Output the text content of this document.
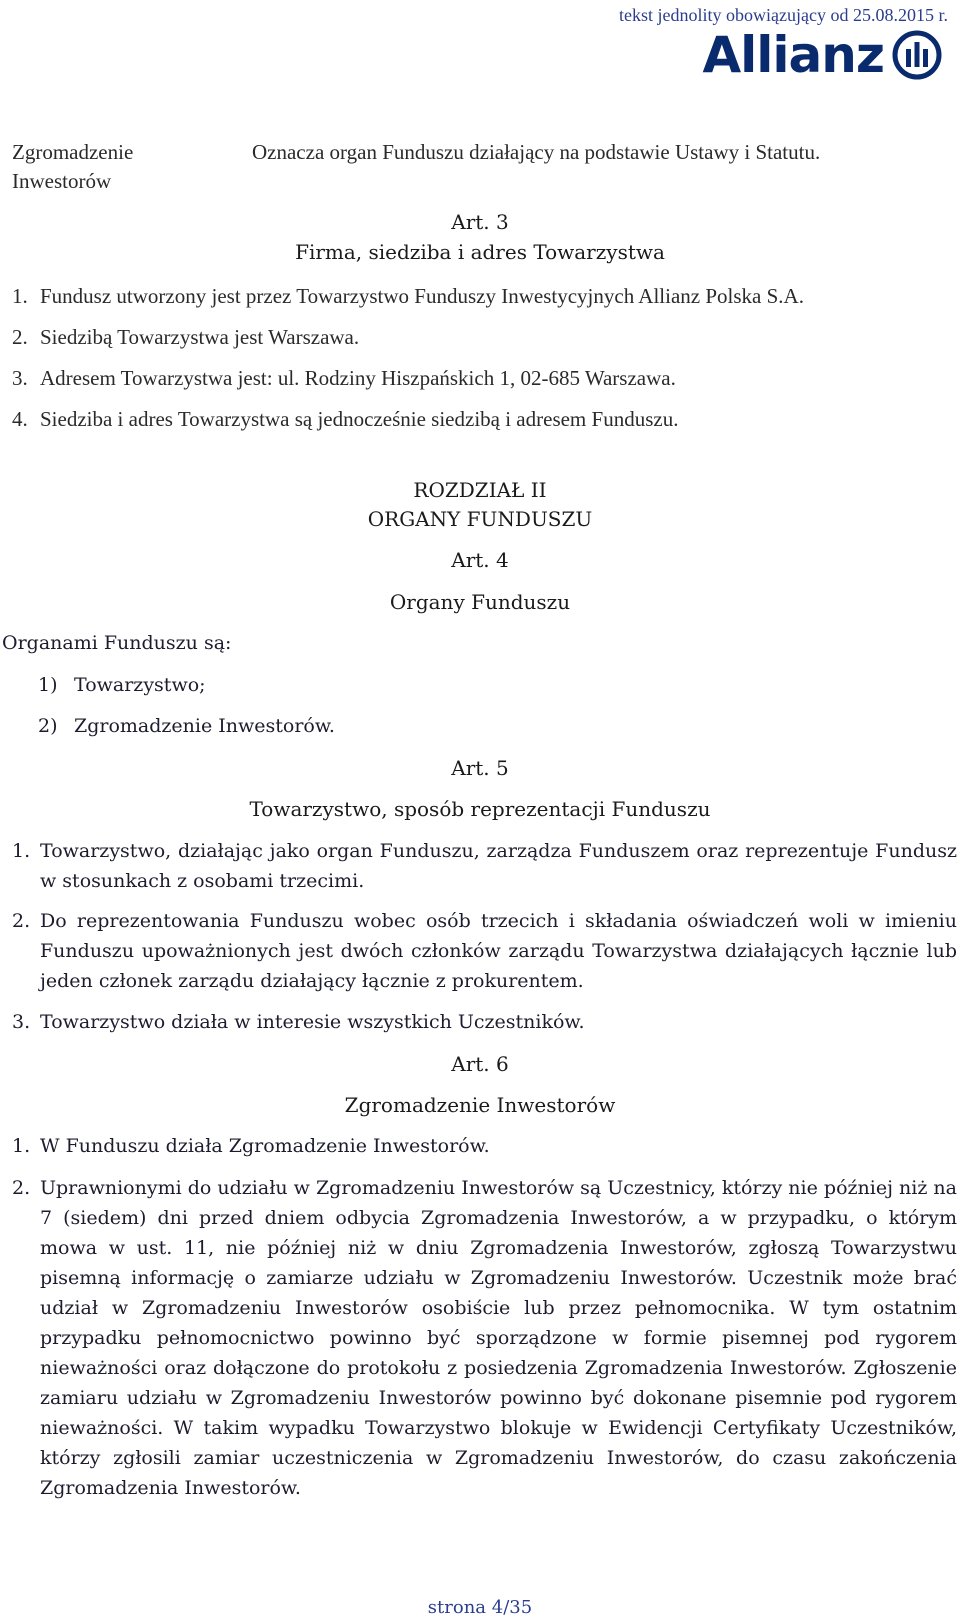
tekst jednolity obowiązujący od 25.08.2015 r.
Allianz
Zgromadzenie Inwestorów
Oznacza organ Funduszu działający na podstawie Ustawy i Statutu.
Art. 3
Firma, siedziba i adres Towarzystwa
1. Fundusz utworzony jest przez Towarzystwo Funduszy Inwestycyjnych Allianz Polska S.A.
2. Siedzibą Towarzystwa jest Warszawa.
3. Adresem Towarzystwa jest: ul. Rodziny Hiszpańskich 1, 02-685 Warszawa.
4. Siedziba i adres Towarzystwa są jednocześnie siedzibą i adresem Funduszu.
ROZDZIAŁ II
ORGANY FUNDUSZU
Art. 4
Organy Funduszu
Organami Funduszu są:
1) Towarzystwo;
2) Zgromadzenie Inwestorów.
Art. 5
Towarzystwo, sposób reprezentacji Funduszu
1. Towarzystwo, działając jako organ Funduszu, zarządza Funduszem oraz reprezentuje Fundusz w stosunkach z osobami trzecimi.
2. Do reprezentowania Funduszu wobec osób trzecich i składania oświadczeń woli w imieniu Funduszu upoważnionych jest dwóch członków zarządu Towarzystwa działających łącznie lub jeden członek zarządu działający łącznie z prokurentem.
3. Towarzystwo działa w interesie wszystkich Uczestników.
Art. 6
Zgromadzenie Inwestorów
1. W Funduszu działa Zgromadzenie Inwestorów.
2. Uprawnionymi do udziału w Zgromadzeniu Inwestorów są Uczestnicy, którzy nie później niż na 7 (siedem) dni przed dniem odbycia Zgromadzenia Inwestorów, a w przypadku, o którym mowa w ust. 11, nie później niż w dniu Zgromadzenia Inwestorów, zgłoszą Towarzystwu pisemną informację o zamiarze udziału w Zgromadzeniu Inwestorów. Uczestnik może brać udział w Zgromadzeniu Inwestorów osobiście lub przez pełnomocnika. W tym ostatnim przypadku pełnomocnictwo powinno być sporządzone w formie pisemnej pod rygorem nieważności oraz dołączone do protokołu z posiedzenia Zgromadzenia Inwestorów. Zgłoszenie zamiaru udziału w Zgromadzeniu Inwestorów powinno być dokonane pisemnie pod rygorem nieważności. W takim wypadku Towarzystwo blokuje w Ewidencji Certyfikaty Uczestników, którzy zgłosili zamiar uczestniczenia w Zgromadzeniu Inwestorów, do czasu zakończenia Zgromadzenia Inwestorów.
strona 4/35
